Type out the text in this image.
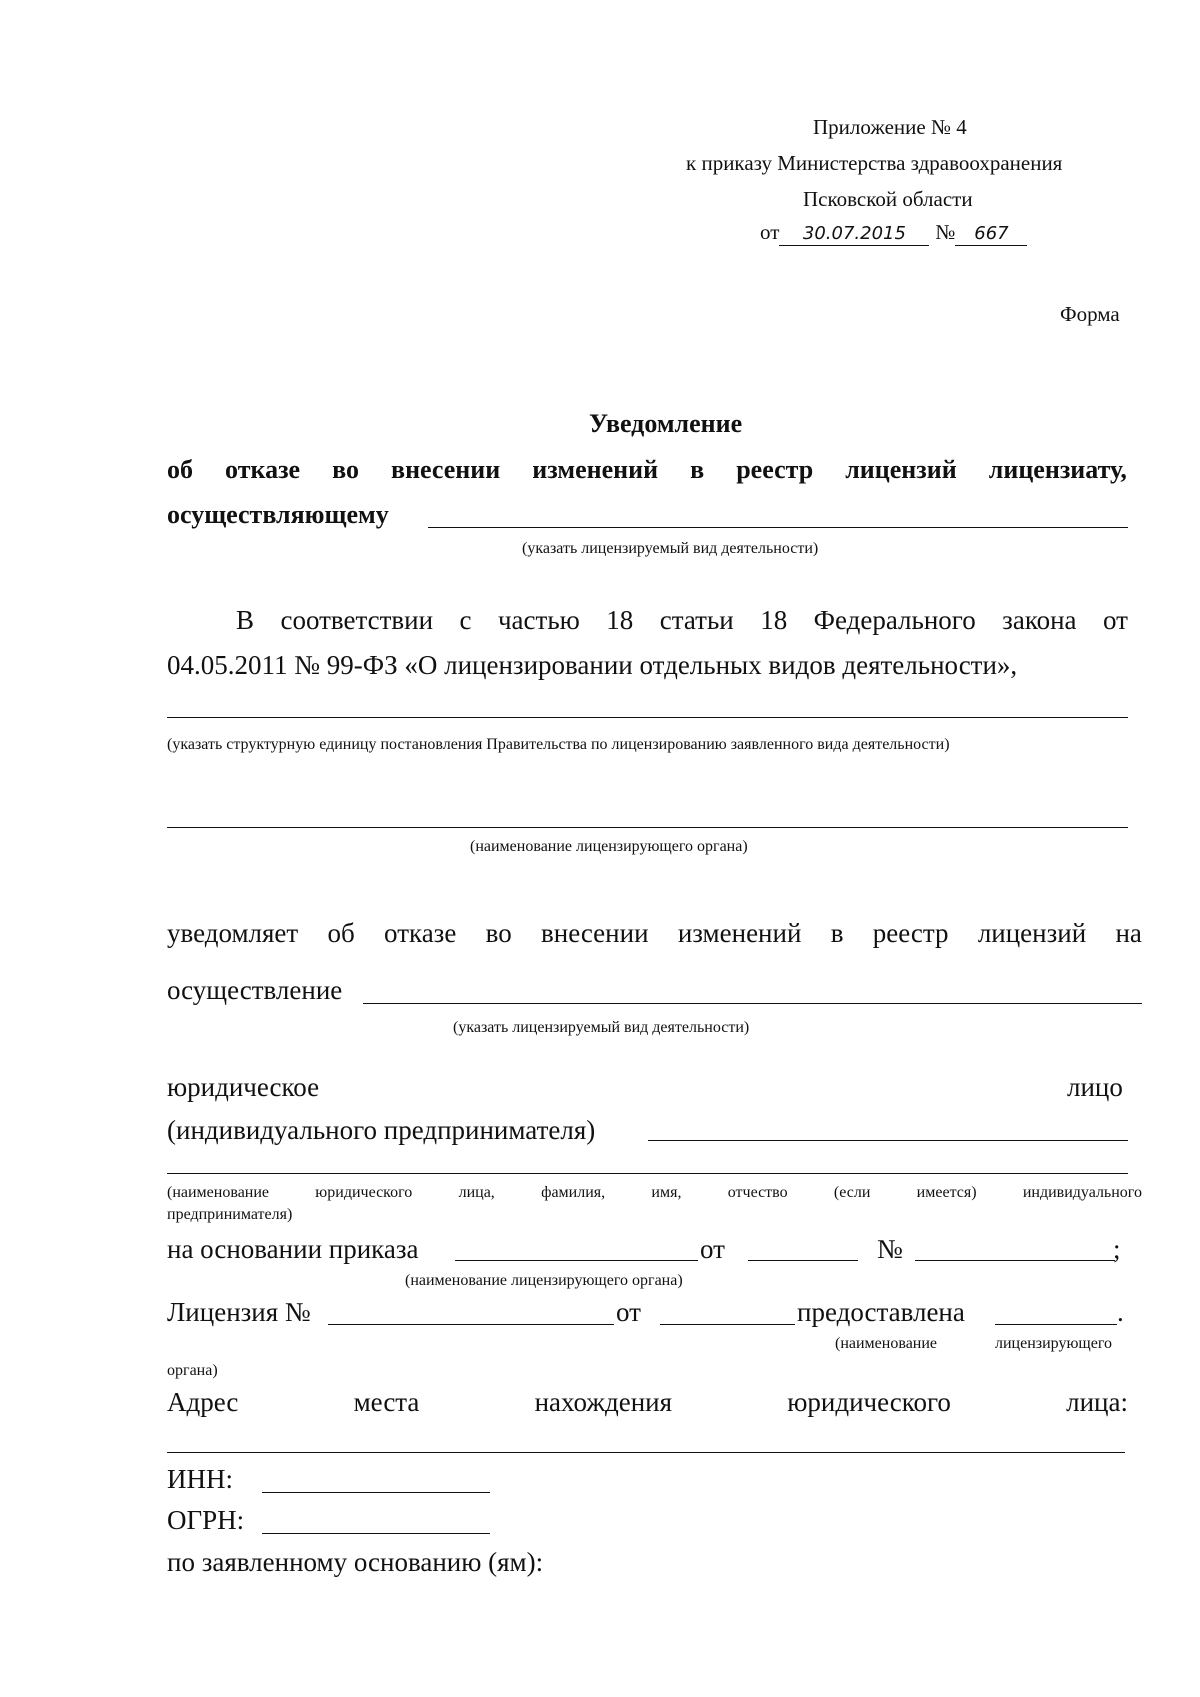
Приложение № 4
к приказу Министерства здравоохранения
Псковской области
от 30.07.2015 № 667
Форма
Уведомление
об отказе во внесении изменений в реестр лицензий лицензиату,
осуществляющему
(указать лицензируемый вид деятельности)
В соответствии с частью 18 статьи 18 Федерального закона от
04.05.2011 № 99-ФЗ «О лицензировании отдельных видов деятельности»,
(указать структурную единицу постановления Правительства по лицензированию заявленного вида деятельности)
(наименование лицензирующего органа)
уведомляет об отказе во внесении изменений в реестр лицензий на
осуществление
(указать лицензируемый вид деятельности)
юридическое	лицо
(индивидуального предпринимателя)
(наименование	юридического	лица,	фамилия,	имя,	отчество	(если	имеется)	индивидуального
предпринимателя)
на основании приказа	от	№	;
(наименование лицензирующего органа)
Лицензия №	от	предоставлена	.
(наименование	лицензирующего
органа)
Адрес	места	нахождения	юридического	лица:
ИНН:
ОГРН:
по заявленному основанию (ям):
